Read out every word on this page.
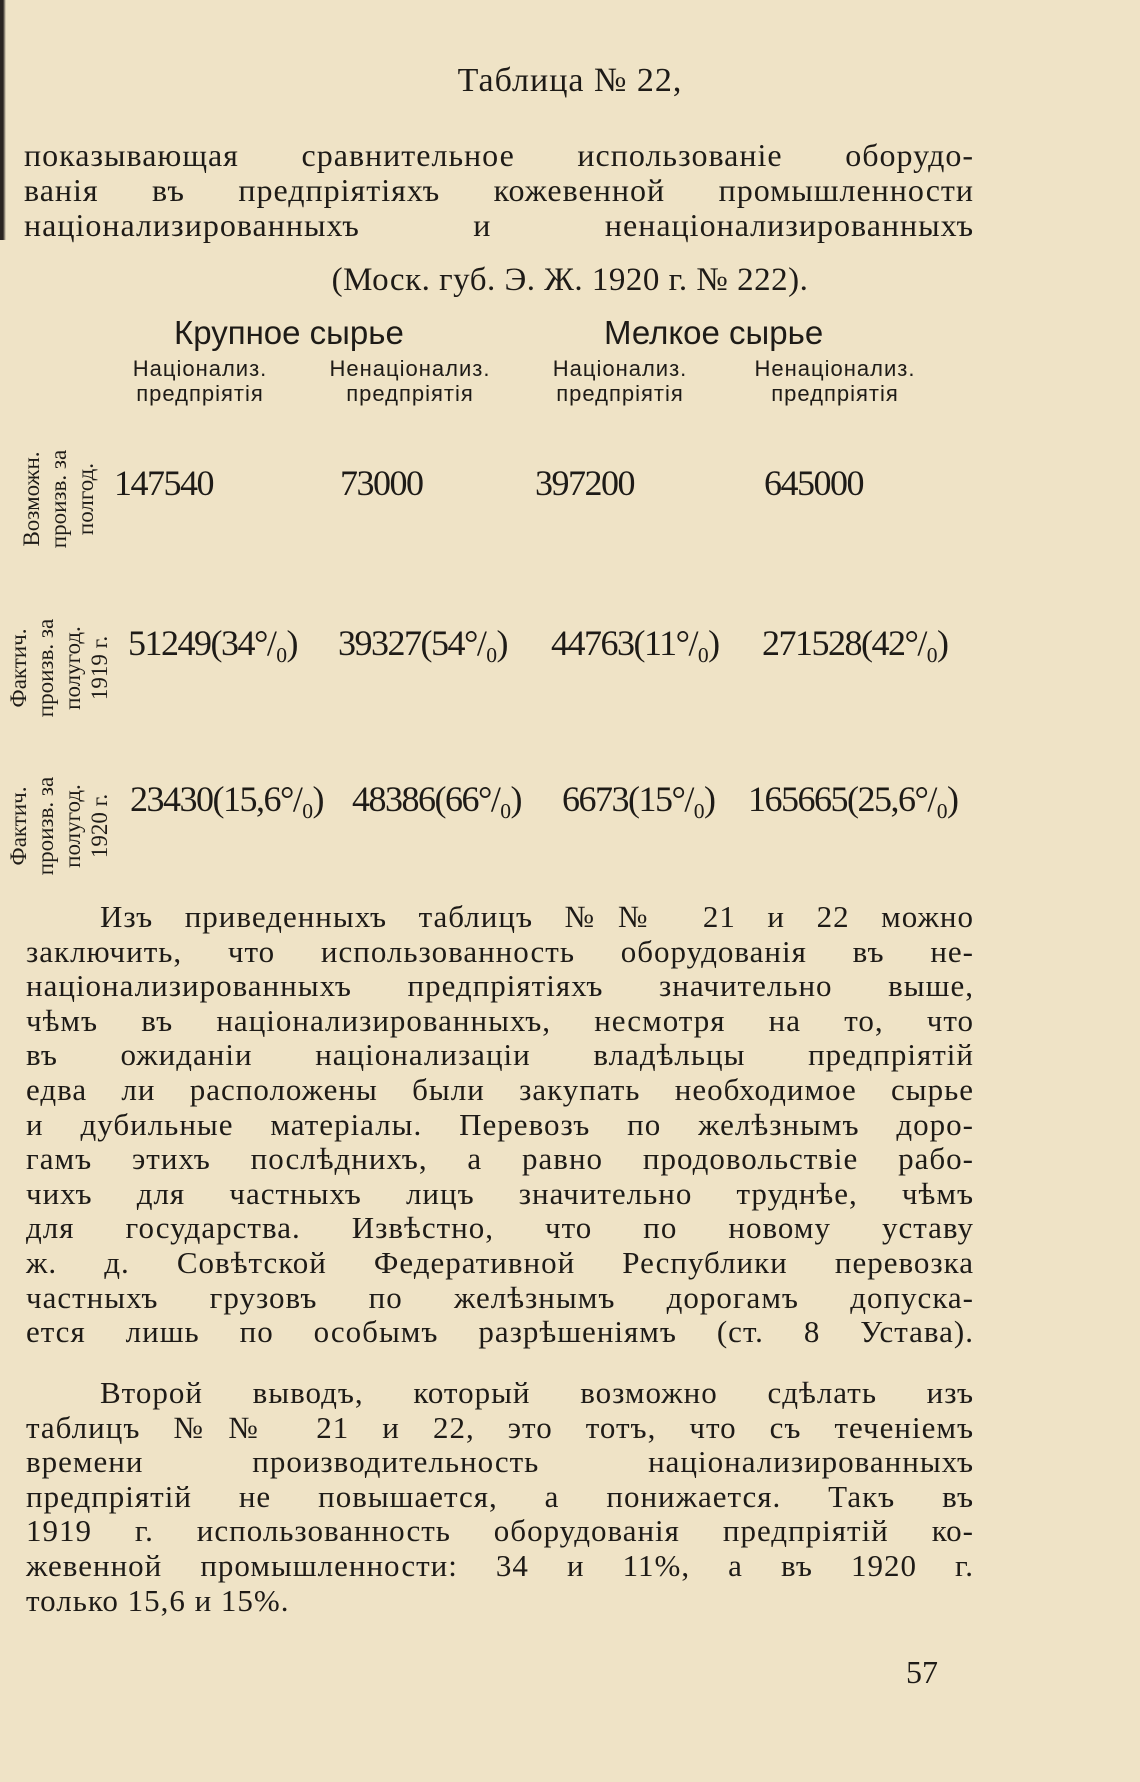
Таблица № 22,
показывающая сравнительное использованiе оборудо-
ванiя въ предпрiятiяхъ кожевенной промышленности
нацiонализированныхъ и ненацiонализированныхъ
(Моск. губ. Э. Ж. 1920 г. № 222).
Крупное сырье	Мелкое сырье
Нацiонализ.
предпрiятiя
Ненацiонализ.
предпрiятiя
Нацiонализ.
предпрiятiя
Ненацiонализ.
предпрiятiя
Возможн. произв. за полгод. 147540	73000	397200	645000
Фактич. произв. за полугод. 1919 г. 51249(34°/₀) 39327(54°/₀) 44763(11°/₀) 271528(42°/₀)
Фактич. произв. за полугод. 1920 г. 23430(15,6°/₀) 48386(66°/₀) 6673(15°/₀) 165665(25,6°/₀)
Изъ приведенныхъ таблицъ №№ 21 и 22 можно
заключить, что использованность оборудованiя въ не-
нацiонализированныхъ предпрiятiяхъ значительно выше,
чѣмъ въ нацiонализированныхъ, несмотря на то, что
въ ожиданiи нацiонализацiи владѣльцы предпрiятiй
едва ли расположены были закупать необходимое сырье
и дубильные матерiалы. Перевозъ по желѣзнымъ доро-
гамъ этихъ послѣднихъ, а равно продовольствiе рабо-
чихъ для частныхъ лицъ значительно труднѣе, чѣмъ
для государства. Извѣстно, что по новому уставу
ж. д. Совѣтской Федеративной Республики перевозка
частныхъ грузовъ по желѣзнымъ дорогамъ допуска-
ется лишь по особымъ разрѣшенiямъ (ст. 8 Устава).
Второй выводъ, который возможно сдѣлать изъ
таблицъ №№ 21 и 22, это тотъ, что съ теченiемъ
времени производительность нацiонализированныхъ
предпрiятiй не повышается, а понижается. Такъ въ
1919 г. использованность оборудованiя предпрiятiй ко-
жевенной промышленности: 34 и 11%, а въ 1920 г.
только 15,6 и 15%.
57
